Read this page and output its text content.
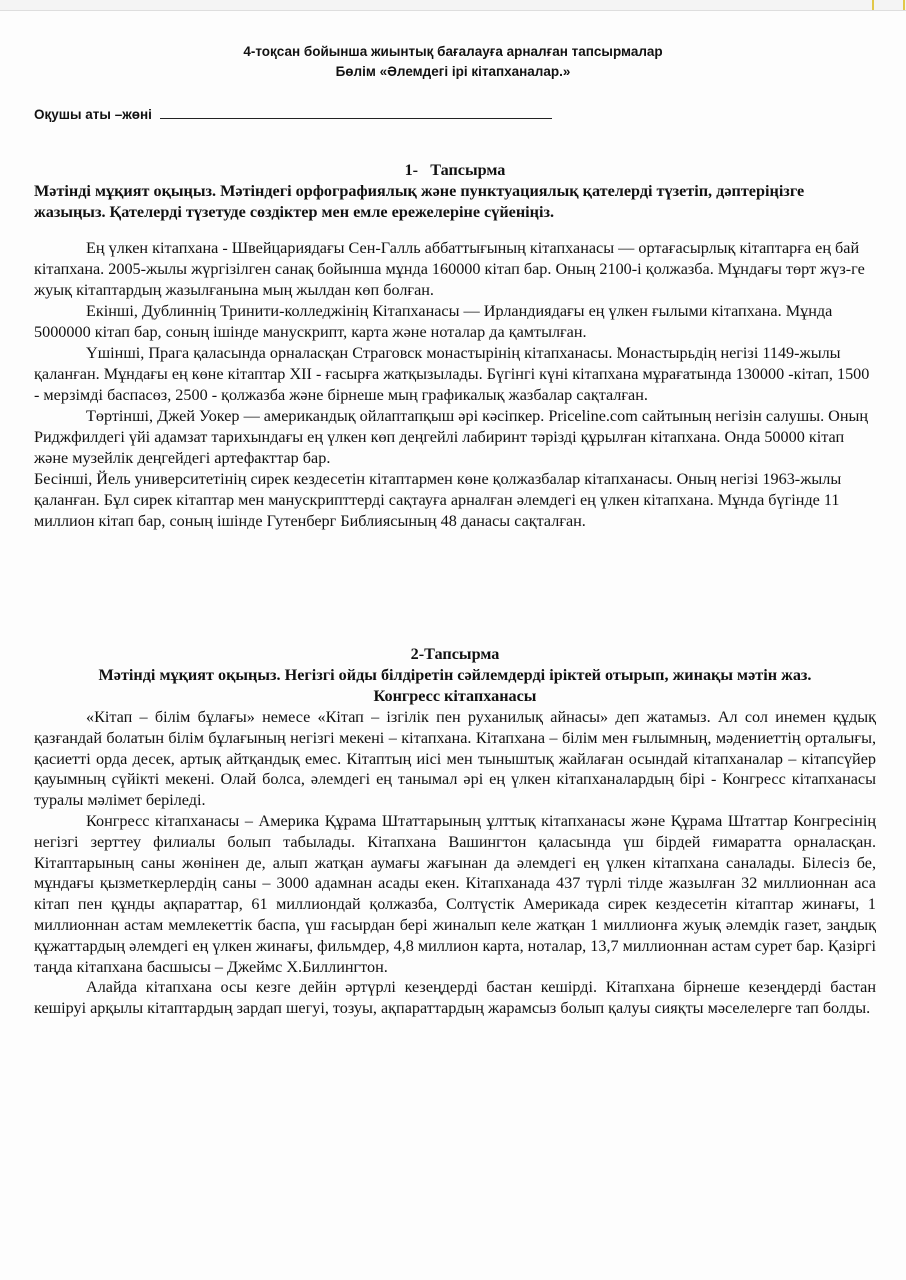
4-тоқсан бойынша жиынтық бағалауға арналған тапсырмалар
Бөлім «Әлемдегі ірі кітапханалар.»
Оқушы аты –жөні
1- Тапсырма

Мәтінді мұқият оқыңыз. Мәтіндегі орфографиялық және пунктуациялық қателерді түзетіп, дәптеріңізге жазыңыз. Қателерді түзетуде сөздіктер мен емле ережелеріне сүйеніңіз.

Ең үлкен кітапхана - Швейцариядағы Сен-Галль аббаттығының кітапханасы — ортағасырлық кітаптарға ең бай кітапхана. 2005-жылы жүргізілген санақ бойынша мұнда 160000 кітап бар. Оның 2100-і қолжазба. Мұндағы төрт жүз-ге жуық кітаптардың жазылғанына мың жылдан көп болған.

Екінші, Дублиннің Тринити-колледжінің Кітапханасы — Ирландиядағы ең үлкен ғылыми кітапхана. Мұнда 5000000 кітап бар, соның ішінде манускрипт, карта және ноталар да қамтылған.

Үшінші, Прага қаласында орналасқан Страговск монастырінің кітапханасы. Монастырьдің негізі 1149-жылы қаланған. Мұндағы ең көне кітаптар ХІІ - ғасырға жатқызылады. Бүгінгі күні кітапхана мұрағатында 130000 -кітап, 1500 - мерзімді баспасөз, 2500 - қолжазба және бірнеше мың графикалық жазбалар сақталған.

Төртінші, Джей Уокер — американдық ойлаптапқыш әрі кәсіпкер. Priceline.com сайтының негізін салушы. Оның Риджфилдегі үйі адамзат тарихындағы ең үлкен көп деңгейлі лабиринт тәрізді құрылған кітапхана. Онда 50000 кітап және музейлік деңгейдегі артефакттар бар.

Бесінші, Йель университетінің сирек кездесетін кітаптармен көне қолжазбалар кітапханасы. Оның негізі 1963-жылы қаланған. Бұл сирек кітаптар мен манускрипттерді сақтауға арналған әлемдегі ең үлкен кітапхана. Мұнда бүгінде 11 миллион кітап бар, соның ішінде Гутенберг Библиясының 48 данасы сақталған.

2-Тапсырма
Мәтінді мұқият оқыңыз. Негізгі ойды білдіретін сәйлемдерді іріктей отырып, жинақы мәтін жаз.
Конгресс кітапханасы

«Кітап – білім бұлағы» немесе «Кітап – ізгілік пен руханилық айнасы» деп жатамыз. Ал сол инемен құдық қазғандай болатын білім бұлағының негізгі мекені – кітапхана. Кітапхана – білім мен ғылымның, мәдениеттің орталығы, қасиетті орда десек, артық айтқандық емес. Кітаптың иісі мен тыныштық жайлаған осындай кітапханалар – кітапсүйер қауымның сүйікті мекені. Олай болса, әлемдегі ең танымал әрі ең үлкен кітапханалардың бірі - Конгресс кітапханасы туралы мәлімет беріледі.

Конгресс кітапханасы – Америка Құрама Штаттарының ұлттық кітапханасы және Құрама Штаттар Конгресінің негізгі зерттеу филиалы болып табылады. Кітапхана Вашингтон қаласында үш бірдей ғимаратта орналасқан. Кітаптарының саны жөнінен де, алып жатқан аумағы жағынан да әлемдегі ең үлкен кітапхана саналады. Білесіз бе, мұндағы қызметкерлердің саны – 3000 адамнан асады екен. Кітапханада 437 түрлі тілде жазылған 32 миллионнан аса кітап пен құнды ақпараттар, 61 миллиондай қолжазба, Солтүстік Америкада сирек кездесетін кітаптар жинағы, 1 миллионнан астам мемлекеттік баспа, үш ғасырдан бері жиналып келе жатқан 1 миллионға жуық әлемдік газет, заңдық құжаттардың әлемдегі ең үлкен жинағы, фильмдер, 4,8 миллион карта, ноталар, 13,7 миллионнан астам сурет бар. Қазіргі таңда кітапхана басшысы – Джеймс Х.Биллингтон.

Алайда кітапхана осы кезге дейін әртүрлі кезеңдерді бастан кешірді. Кітапхана бірнеше кезеңдерді бастан кешіруі арқылы кітаптардың зардап шегуі, тозуы, ақпараттардың жарамсыз болып қалуы сияқты мәселелерге тап болды.
